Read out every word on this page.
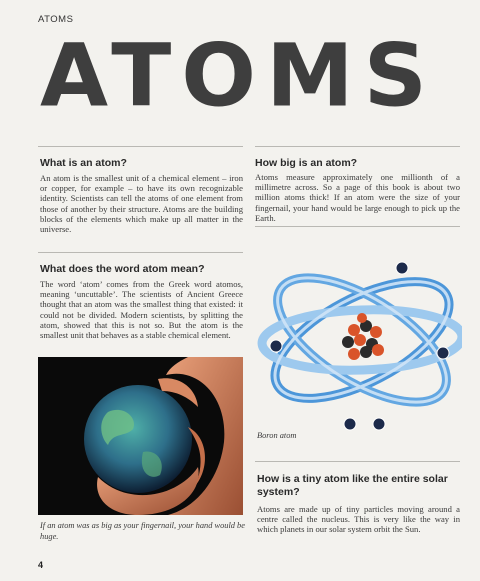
ATOMS
ATOMS
What is an atom?
An atom is the smallest unit of a chemical element – iron or copper, for example – to have its own recognizable identity. Scientists can tell the atoms of one element from those of another by their structure. Atoms are the building blocks of the elements which make up all matter in the universe.
What does the word atom mean?
The word ‘atom’ comes from the Greek word atomos, meaning ‘uncuttable’. The scientists of Ancient Greece thought that an atom was the smallest thing that existed: it could not be divided. Modern scientists, by splitting the atom, showed that this is not so. But the atom is the smallest unit that behaves as a stable chemical element.
If an atom was as big as your fingernail, your hand would be huge.
How big is an atom?
Atoms measure approximately one millionth of a millimetre across. So a page of this book is about two million atoms thick! If an atom were the size of your fingernail, your hand would be large enough to pick up the Earth.
Boron atom
How is a tiny atom like the entire solar system?
Atoms are made up of tiny particles moving around a centre called the nucleus. This is very like the way in which planets in our solar system orbit the Sun.
4
